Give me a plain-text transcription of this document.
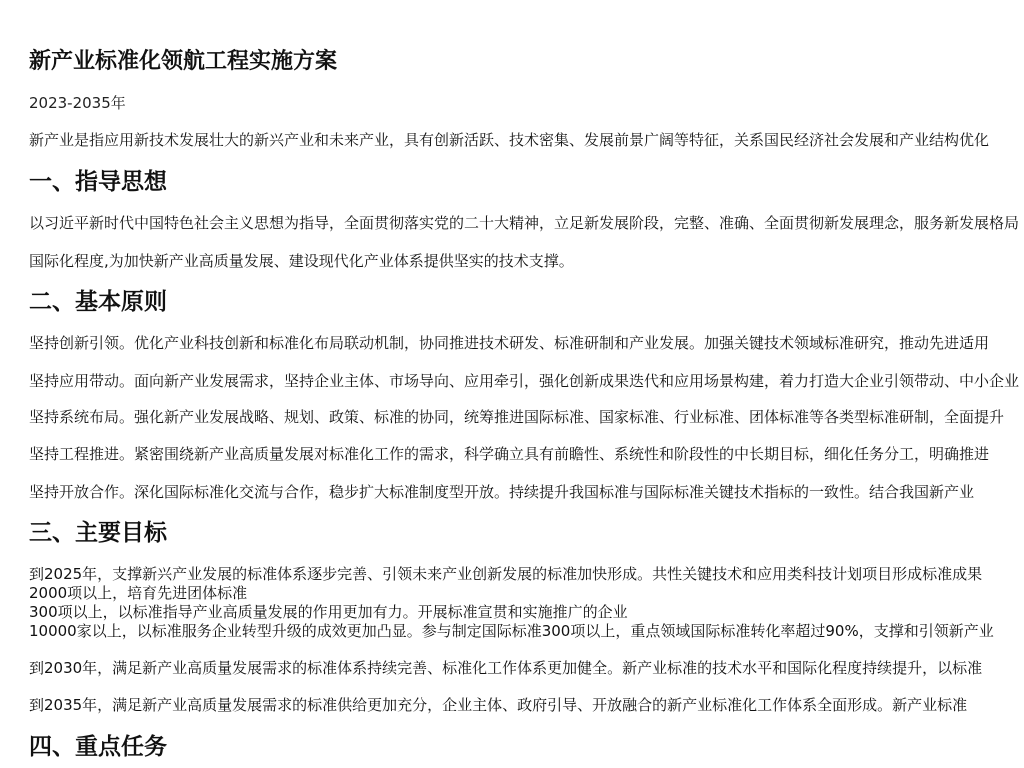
新产业标准化领航工程实施方案
2023-2035年
新产业是指应用新技术发展壮大的新兴产业和未来产业，具有创新活跃、技术密集、发展前景广阔等特征，关系国民经济社会发展和产业结构优化
一、指导思想
以习近平新时代中国特色社会主义思想为指导，全面贯彻落实党的二十大精神，立足新发展阶段，完整、准确、全面贯彻新发展理念，服务新发展格局
国际化程度,为加快新产业高质量发展、建设现代化产业体系提供坚实的技术支撑。
二、基本原则
坚持创新引领。优化产业科技创新和标准化布局联动机制，协同推进技术研发、标准研制和产业发展。加强关键技术领域标准研究，推动先进适用
坚持应用带动。面向新产业发展需求，坚持企业主体、市场导向、应用牵引，强化创新成果迭代和应用场景构建，着力打造大企业引领带动、中小企业
坚持系统布局。强化新产业发展战略、规划、政策、标准的协同，统筹推进国际标准、国家标准、行业标准、团体标准等各类型标准研制，全面提升
坚持工程推进。紧密围绕新产业高质量发展对标准化工作的需求，科学确立具有前瞻性、系统性和阶段性的中长期目标，细化任务分工，明确推进
坚持开放合作。深化国际标准化交流与合作，稳步扩大标准制度型开放。持续提升我国标准与国际标准关键技术指标的一致性。结合我国新产业
三、主要目标
到2025年，支撑新兴产业发展的标准体系逐步完善、引领未来产业创新发展的标准加快形成。共性关键技术和应用类科技计划项目形成标准成果
2000项以上，培育先进团体标准
300项以上，以标准指导产业高质量发展的作用更加有力。开展标准宣贯和实施推广的企业
10000家以上，以标准服务企业转型升级的成效更加凸显。参与制定国际标准300项以上，重点领域国际标准转化率超过90%，支撑和引领新产业
到2030年，满足新产业高质量发展需求的标准体系持续完善、标准化工作体系更加健全。新产业标准的技术水平和国际化程度持续提升，以标准
到2035年，满足新产业高质量发展需求的标准供给更加充分，企业主体、政府引导、开放融合的新产业标准化工作体系全面形成。新产业标准
四、重点任务
